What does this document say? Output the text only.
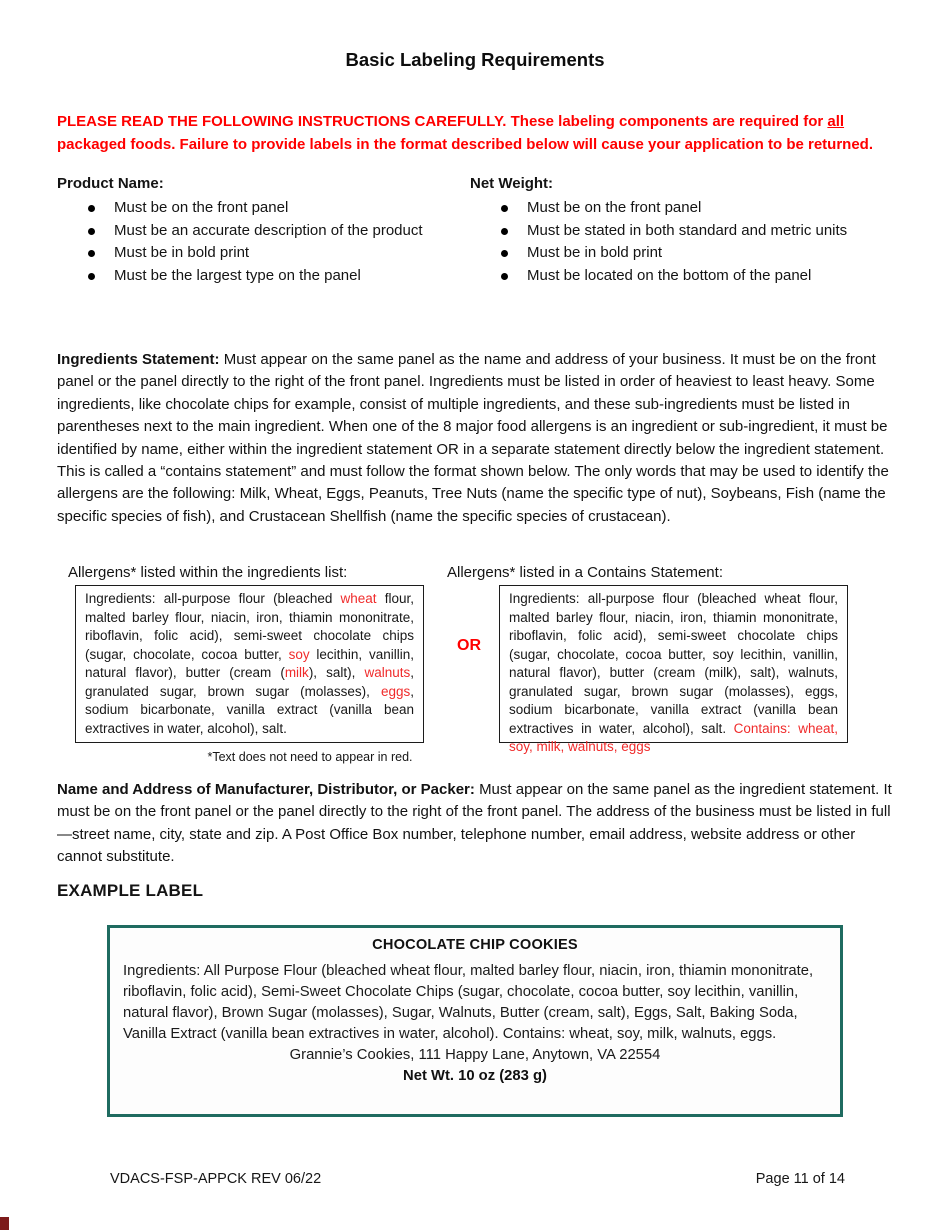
Basic Labeling Requirements

PLEASE READ THE FOLLOWING INSTRUCTIONS CAREFULLY. These labeling components are required for all packaged foods. Failure to provide labels in the format described below will cause your application to be returned.

Product Name:
Must be on the front panel
Must be an accurate description of the product
Must be in bold print
Must be the largest type on the panel
Net Weight:
Must be on the front panel
Must be stated in both standard and metric units
Must be in bold print
Must be located on the bottom of the panel

Ingredients Statement: Must appear on the same panel as the name and address of your business. It must be on the front panel or the panel directly to the right of the front panel. Ingredients must be listed in order of heaviest to least heavy. Some ingredients, like chocolate chips for example, consist of multiple ingredients, and these sub-ingredients must be listed in parentheses next to the main ingredient. When one of the 8 major food allergens is an ingredient or sub-ingredient, it must be identified by name, either within the ingredient statement OR in a separate statement directly below the ingredient statement. This is called a “contains statement” and must follow the format shown below. The only words that may be used to identify the allergens are the following: Milk, Wheat, Eggs, Peanuts, Tree Nuts (name the specific type of nut), Soybeans, Fish (name the specific species of fish), and Crustacean Shellfish (name the specific species of crustacean).

Allergens* listed within the ingredients list:	Allergens* listed in a Contains Statement:
Ingredients: all-purpose flour (bleached wheat flour, malted barley flour, niacin, iron, thiamin mononitrate, riboflavin, folic acid), semi-sweet chocolate chips (sugar, chocolate, cocoa butter, soy lecithin, vanillin, natural flavor), butter (cream (milk), salt), walnuts, granulated sugar, brown sugar (molasses), eggs, sodium bicarbonate, vanilla extract (vanilla bean extractives in water, alcohol), salt.
OR
Ingredients: all-purpose flour (bleached wheat flour, malted barley flour, niacin, iron, thiamin mononitrate, riboflavin, folic acid), semi-sweet chocolate chips (sugar, chocolate, cocoa butter, soy lecithin, vanillin, natural flavor), butter (cream (milk), salt), walnuts, granulated sugar, brown sugar (molasses), eggs, sodium bicarbonate, vanilla extract (vanilla bean extractives in water, alcohol), salt. Contains: wheat, soy, milk, walnuts, eggs
*Text does not need to appear in red.

Name and Address of Manufacturer, Distributor, or Packer: Must appear on the same panel as the ingredient statement. It must be on the front panel or the panel directly to the right of the front panel. The address of the business must be listed in full—street name, city, state and zip. A Post Office Box number, telephone number, email address, website address or other cannot substitute.

EXAMPLE LABEL
CHOCOLATE CHIP COOKIES

Ingredients: All Purpose Flour (bleached wheat flour, malted barley flour, niacin, iron, thiamin mononitrate, riboflavin, folic acid), Semi-Sweet Chocolate Chips (sugar, chocolate, cocoa butter, soy lecithin, vanillin, natural flavor), Brown Sugar (molasses), Sugar, Walnuts, Butter (cream, salt), Eggs, Salt, Baking Soda, Vanilla Extract (vanilla bean extractives in water, alcohol). Contains: wheat, soy, milk, walnuts, eggs.

Grannie’s Cookies, 111 Happy Lane, Anytown, VA 22554
Net Wt. 10 oz (283 g)
VDACS-FSP-APPCK REV 06/22	Page 11 of 14
